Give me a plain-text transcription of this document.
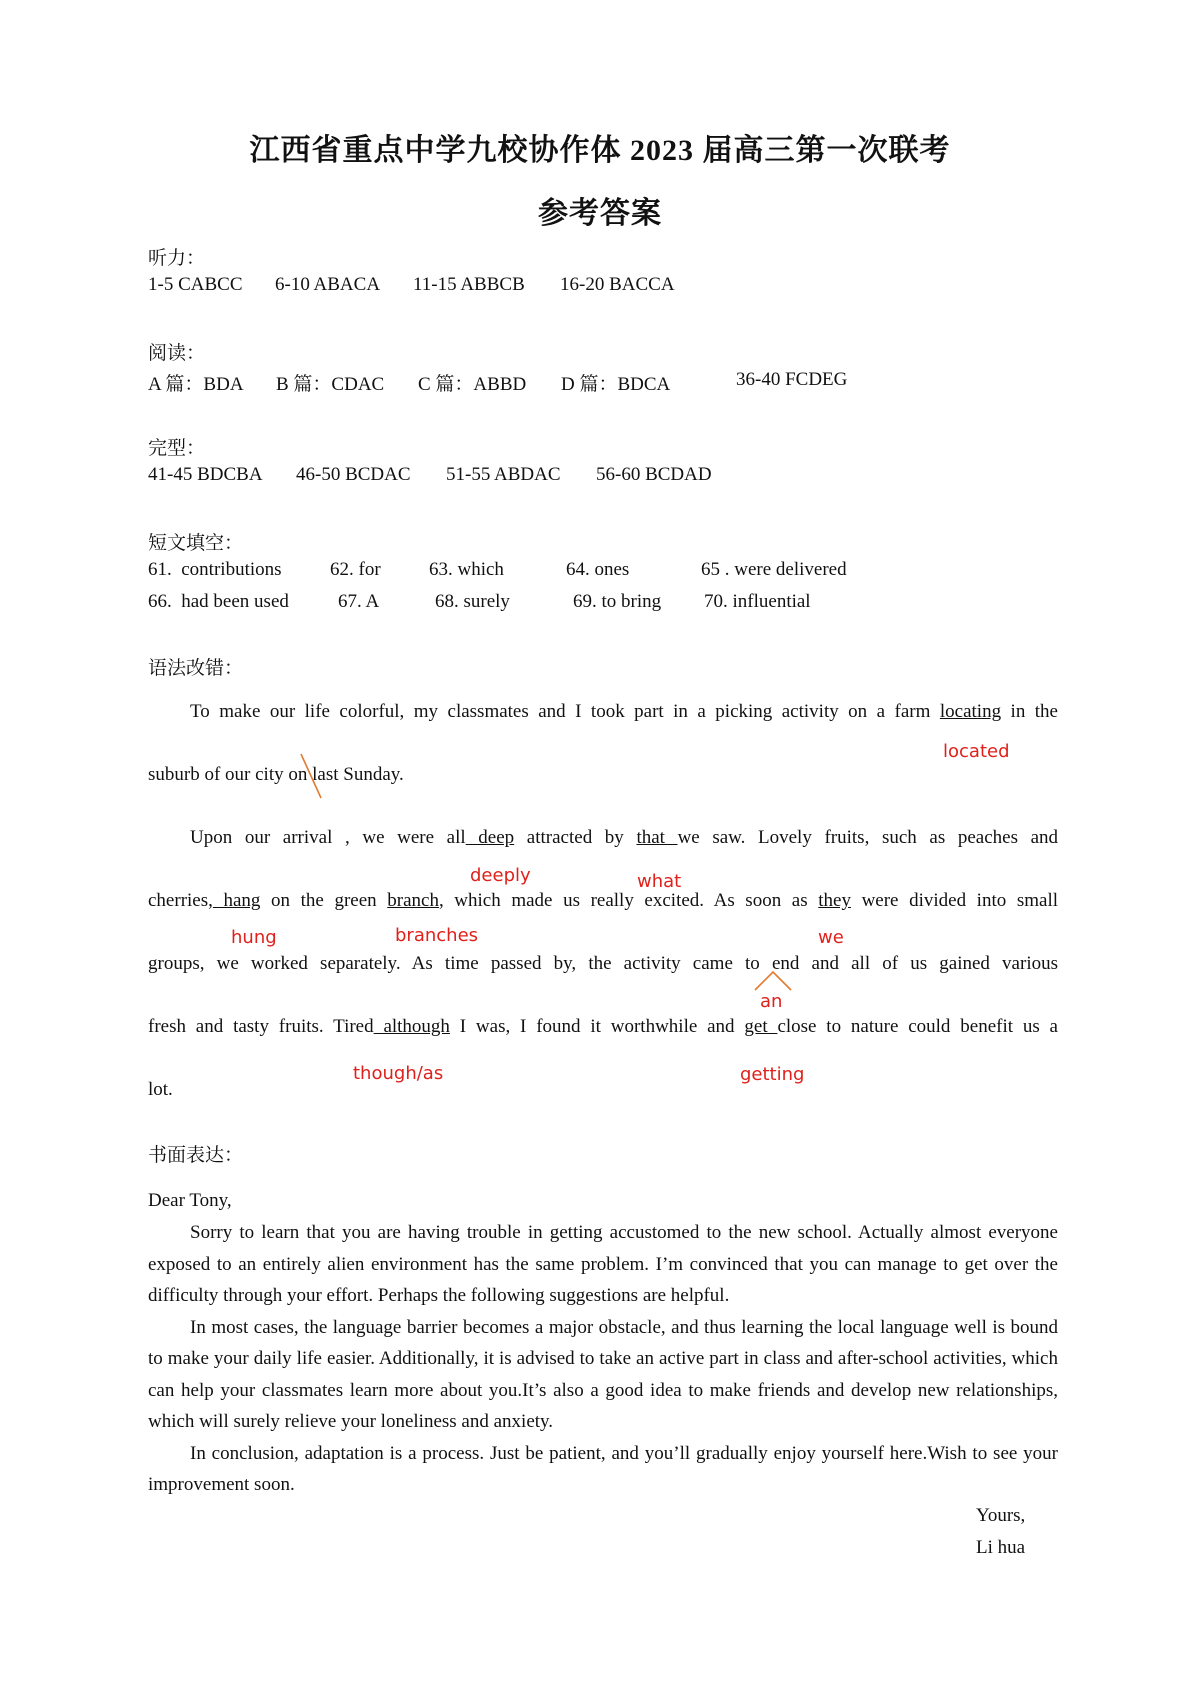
江西省重点中学九校协作体 2023 届高三第一次联考
参考答案
听力：
1-5 CABCC 6-10 ABACA 11-15 ABBCB 16-20 BACCA
阅读：
A 篇：BDA B 篇：CDAC C 篇：ABBD D 篇：BDCA	36-40 FCDEG
完型：
41-45 BDCBA 46-50 BCDAC 51-55 ABDAC 56-60 BCDAD
短文填空：
61.  contributions	62. for	63. which	64. ones	65 . were delivered
66.  had been used	67. A	68. surely	69. to bring 70. influential
语法改错：
To make our life colorful, my classmates and I took part in a picking activity on a farm locating in the
located
suburb of our city on last Sunday.
Upon our arrival , we were all deep attracted by that we saw. Lovely fruits, such as peaches and
deeply	what
cherries, hang on the green branch, which made us really excited. As soon as they were divided into small
hung	branches	we
groups, we worked separately. As time passed by, the activity came to end and all of us gained various
an
fresh and tasty fruits. Tired although I was, I found it worthwhile and get close to nature could benefit us a
though/as	getting
lot.
书面表达：
Dear Tony,

Sorry to learn that you are having trouble in getting accustomed to the new school. Actually almost everyone exposed to an entirely alien environment has the same problem. I’m convinced that you can manage to get over the difficulty through your effort. Perhaps the following suggestions are helpful.

In most cases, the language barrier becomes a major obstacle, and thus learning the local language well is bound to make your daily life easier. Additionally, it is advised to take an active part in class and after-school activities, which can help your classmates learn more about you.It’s also a good idea to make friends and develop new relationships, which will surely relieve your loneliness and anxiety.

In conclusion, adaptation is a process. Just be patient, and you’ll gradually enjoy yourself here.Wish to see your improvement soon.

Yours,
Li hua
